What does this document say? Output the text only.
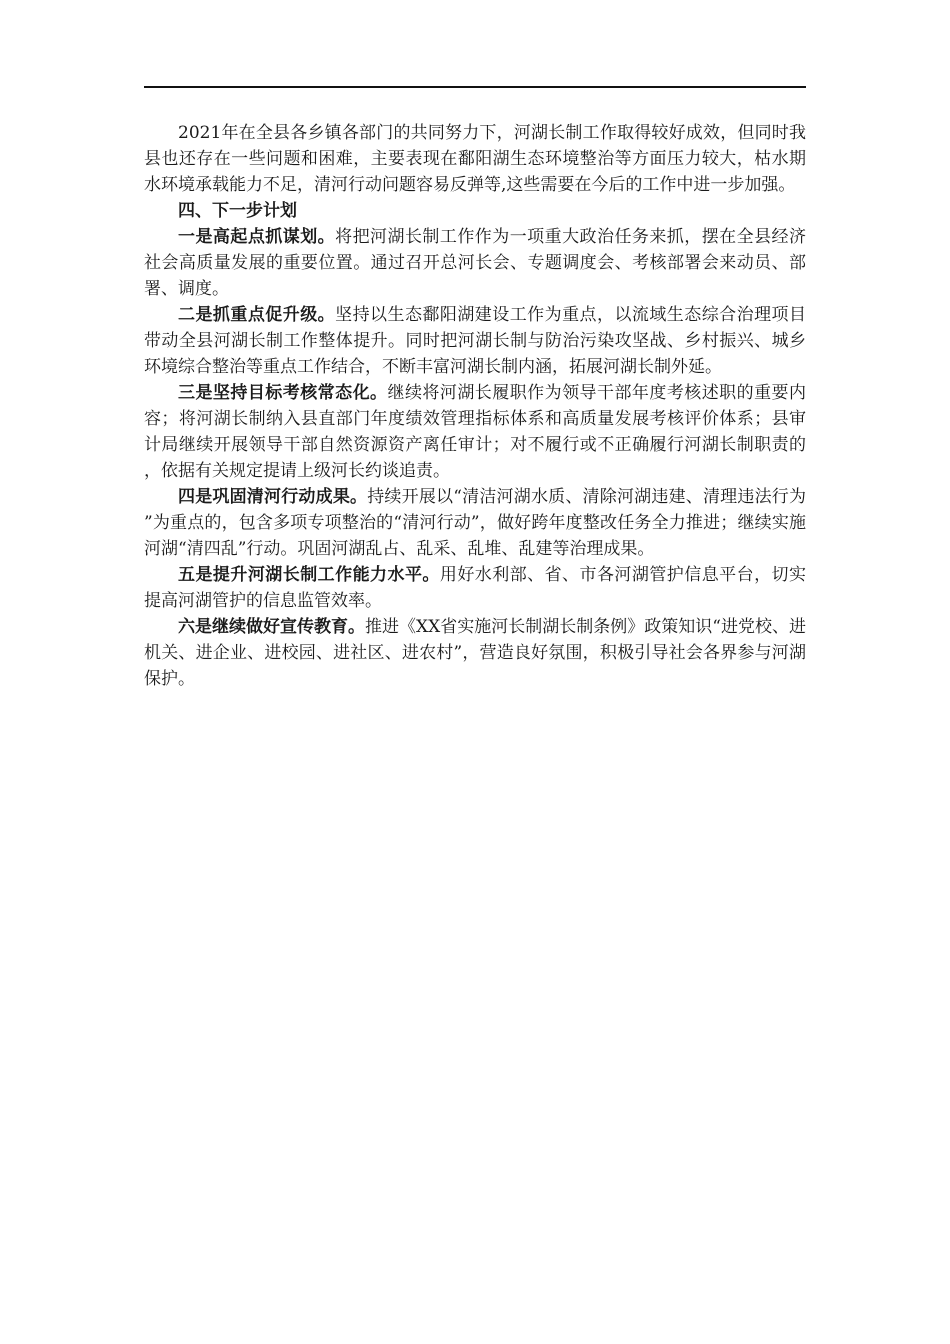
2021年在全县各乡镇各部门的共同努力下，河湖长制工作取得较好成效，但同时我县也还存在一些问题和困难，主要表现在鄱阳湖生态环境整治等方面压力较大，枯水期水环境承载能力不足，清河行动问题容易反弹等,这些需要在今后的工作中进一步加强。

四、下一步计划

一是高起点抓谋划。将把河湖长制工作作为一项重大政治任务来抓，摆在全县经济社会高质量发展的重要位置。通过召开总河长会、专题调度会、考核部署会来动员、部署、调度。

二是抓重点促升级。坚持以生态鄱阳湖建设工作为重点，以流域生态综合治理项目带动全县河湖长制工作整体提升。同时把河湖长制与防治污染攻坚战、乡村振兴、城乡环境综合整治等重点工作结合，不断丰富河湖长制内涵，拓展河湖长制外延。

三是坚持目标考核常态化。继续将河湖长履职作为领导干部年度考核述职的重要内容；将河湖长制纳入县直部门年度绩效管理指标体系和高质量发展考核评价体系；县审计局继续开展领导干部自然资源资产离任审计；对不履行或不正确履行河湖长制职责的，依据有关规定提请上级河长约谈追责。

四是巩固清河行动成果。持续开展以“清洁河湖水质、清除河湖违建、清理违法行为”为重点的，包含多项专项整治的“清河行动”，做好跨年度整改任务全力推进；继续实施河湖“清四乱”行动。巩固河湖乱占、乱采、乱堆、乱建等治理成果。

五是提升河湖长制工作能力水平。用好水利部、省、市各河湖管护信息平台，切实提高河湖管护的信息监管效率。

六是继续做好宣传教育。推进《XX省实施河长制湖长制条例》政策知识“进党校、进机关、进企业、进校园、进社区、进农村”，营造良好氛围，积极引导社会各界参与河湖保护。
